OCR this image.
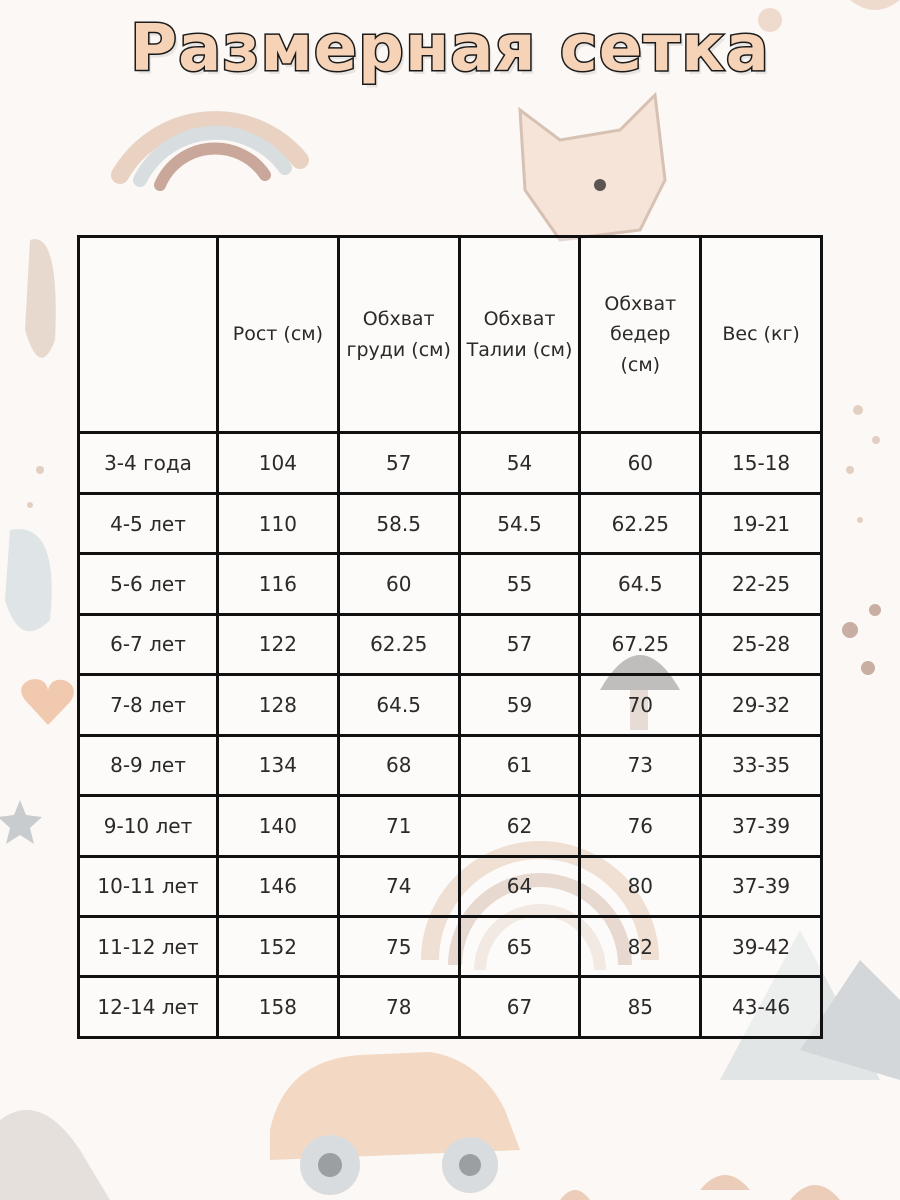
Размерная сетка
	Рост (см)	Обхват груди (см)	Обхват Талии (см)	Обхват бедер (см)	Вес (кг)
3-4 года	104	57	54	60	15-18
4-5 лет	110	58.5	54.5	62.25	19-21
5-6 лет	116	60	55	64.5	22-25
6-7 лет	122	62.25	57	67.25	25-28
7-8 лет	128	64.5	59	70	29-32
8-9 лет	134	68	61	73	33-35
9-10 лет	140	71	62	76	37-39
10-11 лет	146	74	64	80	37-39
11-12 лет	152	75	65	82	39-42
12-14 лет	158	78	67	85	43-46
